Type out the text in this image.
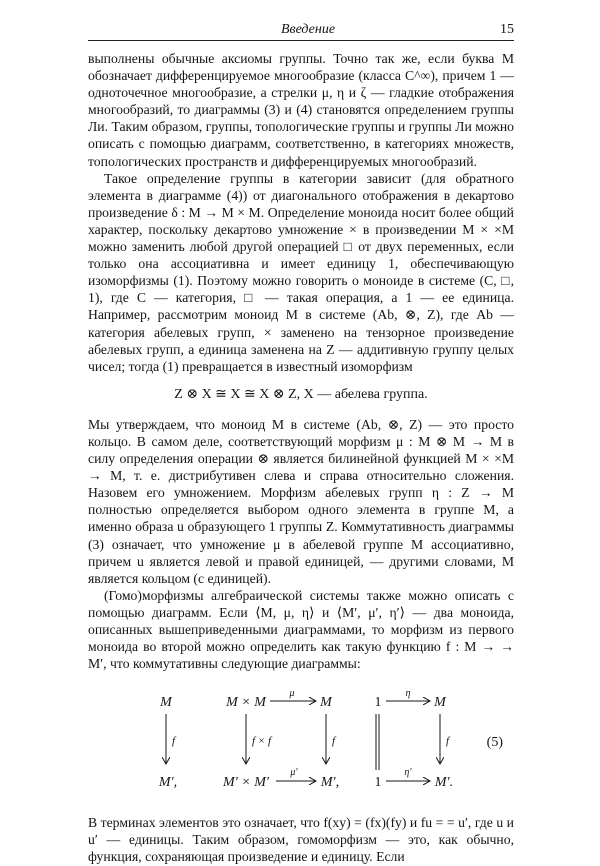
Введение	15

выполнены обычные аксиомы группы. Точно так же, если буква M обозначает дифференцируемое многообразие (класса C^∞), причем 1 — одноточечное многообразие, а стрелки μ, η и ζ — гладкие отображения многообразий, то диаграммы (3) и (4) становятся определением группы Ли. Таким образом, группы, топологические группы и группы Ли можно описать с помощью диаграмм, соответственно, в категориях множеств, топологических пространств и дифференцируемых многообразий.

Такое определение группы в категории зависит (для обратного элемента в диаграмме (4)) от диагонального отображения в декартово произведение δ : M → M × M. Определение моноида носит более общий характер, поскольку декартово умножение × в произведении M × ×M можно заменить любой другой операцией □ от двух переменных, если только она ассоциативна и имеет единицу 1, обеспечивающую изоморфизмы (1). Поэтому можно говорить о моноиде в системе (C, □, 1), где C — категория, □ — такая операция, а 1 — ее единица. Например, рассмотрим моноид M в системе (Ab, ⊗, Z), где Ab — категория абелевых групп, × заменено на тензорное произведение абелевых групп, а единица заменена на Z — аддитивную группу целых чисел; тогда (1) превращается в известный изоморфизм

Z ⊗ X ≅ X ≅ X ⊗ Z, X — абелева группа.

Мы утверждаем, что моноид M в системе (Ab, ⊗, Z) — это просто кольцо. В самом деле, соответствующий морфизм μ : M ⊗ M → M в силу определения операции ⊗ является билинейной функцией M × ×M → M, т. е. дистрибутивен слева и справа относительно сложения. Назовем его умножением. Морфизм абелевых групп η : Z → M полностью определяется выбором одного элемента в группе M, а именно образа u образующего 1 группы Z. Коммутативность диаграммы (3) означает, что умножение μ в абелевой группе M ассоциативно, причем u является левой и правой единицей, — другими словами, M является кольцом (с единицей).

(Гомо)морфизмы алгебраической системы также можно описать с помощью диаграмм. Если ⟨M, μ, η⟩ и ⟨M′, μ′, η′⟩ — два моноида, описанных вышеприведенными диаграммами, то морфизм из первого моноида во второй можно определить как такую функцию f : M → → M′, что коммутативны следующие диаграммы:

M
f
M′,
M × M
μ
M
f × f	f
M′ × M′
μ′
M′,
1
η
M
f
1
η′
M′.
(5)

В терминах элементов это означает, что f(xy) = (fx)(fy) и fu = = u′, где u и u′ — единицы. Таким образом, гомоморфизм — это, как обычно, функция, сохраняющая произведение и единицу. Если
